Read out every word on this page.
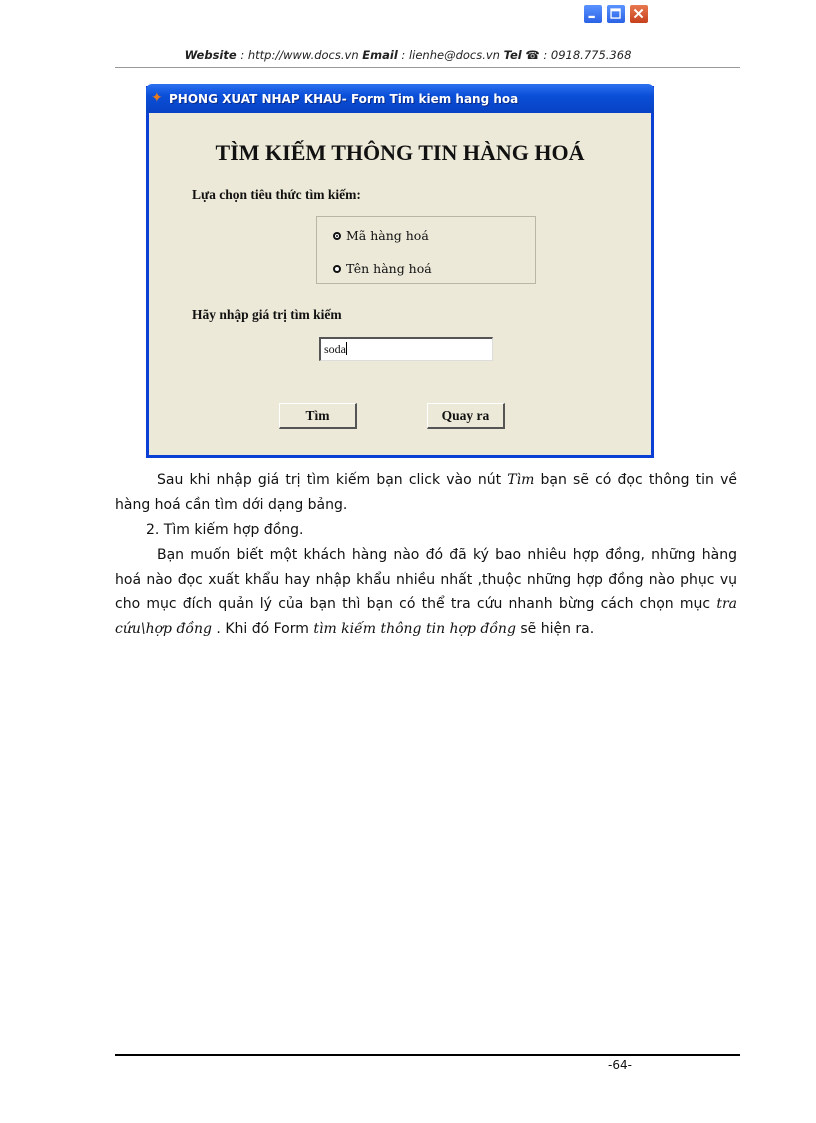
Website : http://www.docs.vn Email : lienhe@docs.vn Tel ☎ : 0918.775.368
✦ PHONG XUAT NHAP KHAU- Form Tim kiem hang hoa
TÌM KIẾM THÔNG TIN HÀNG HOÁ
Lựa chọn tiêu thức tìm kiếm:
Mã hàng hoá
Tên hàng hoá
Hãy nhập giá trị tìm kiếm
soda
Tìm	Quay ra
Sau khi nhập giá trị tìm kiếm bạn click vào nút Tìm bạn sẽ có đọc thông tin về hàng hoá cần tìm dới dạng bảng.
2. Tìm kiếm hợp đồng.
Bạn muốn biết một khách hàng nào đó đã ký bao nhiêu hợp đồng, những hàng hoá nào đọc xuất khẩu hay nhập khẩu nhiều nhất ,thuộc những hợp đồng nào phục vụ cho mục đích quản lý của bạn thì bạn có thể tra cứu nhanh bừng cách chọn mục tra cứu\hợp đồng . Khi đó Form tìm kiếm thông tin hợp đồng sẽ hiện ra.
-64-
